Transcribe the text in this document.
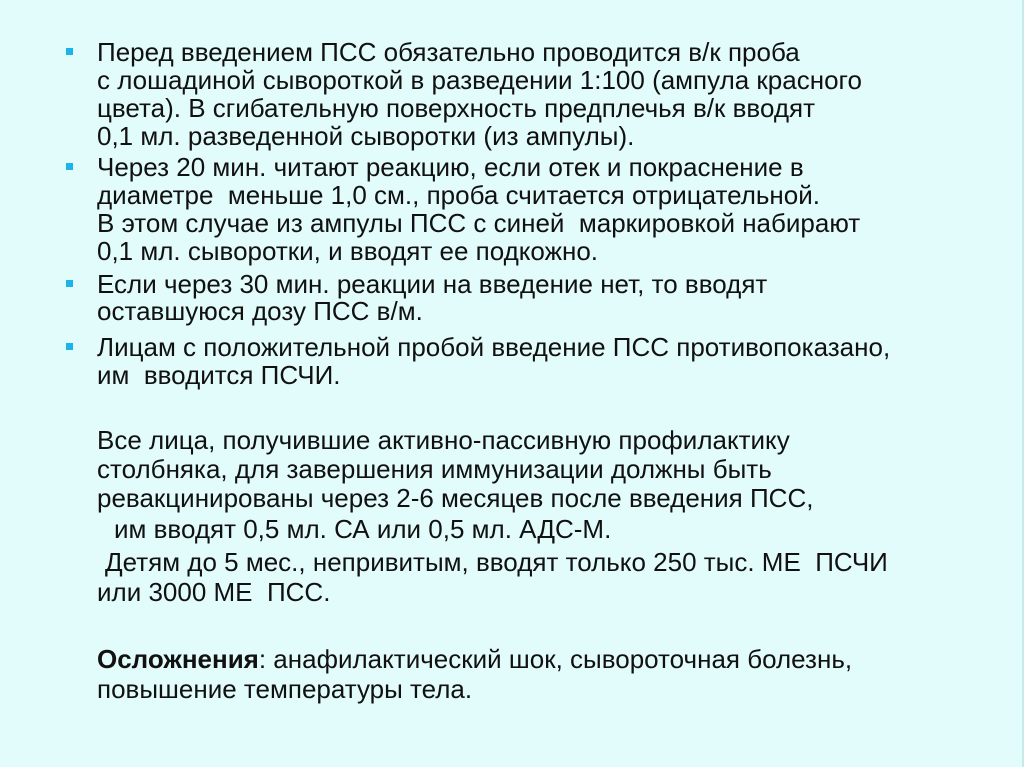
Перед введением ПСС обязательно проводится в/к проба
с лошадиной сывороткой в разведении 1:100 (ампула красного
цвета). В сгибательную поверхность предплечья в/к вводят
0,1 мл. разведенной сыворотки (из ампулы).
Через 20 мин. читают реакцию, если отек и покраснение в
диаметре  меньше 1,0 см., проба считается отрицательной.
В этом случае из ампулы ПСС с синей  маркировкой набирают
0,1 мл. сыворотки, и вводят ее подкожно.
Если через 30 мин. реакции на введение нет, то вводят
оставшуюся дозу ПСС в/м.
Лицам с положительной пробой введение ПСС противопоказано,
им  вводится ПСЧИ.
Все лица, получившие активно-пассивную профилактику
столбняка, для завершения иммунизации должны быть
ревакцинированы через 2-6 месяцев после введения ПСС,
им вводят 0,5 мл. СА или 0,5 мл. АДС-М.
Детям до 5 мес., непривитым, вводят только 250 тыс. МЕ  ПСЧИ
или 3000 МЕ  ПСС.
Осложнения: анафилактический шок, сывороточная болезнь,
повышение температуры тела.
